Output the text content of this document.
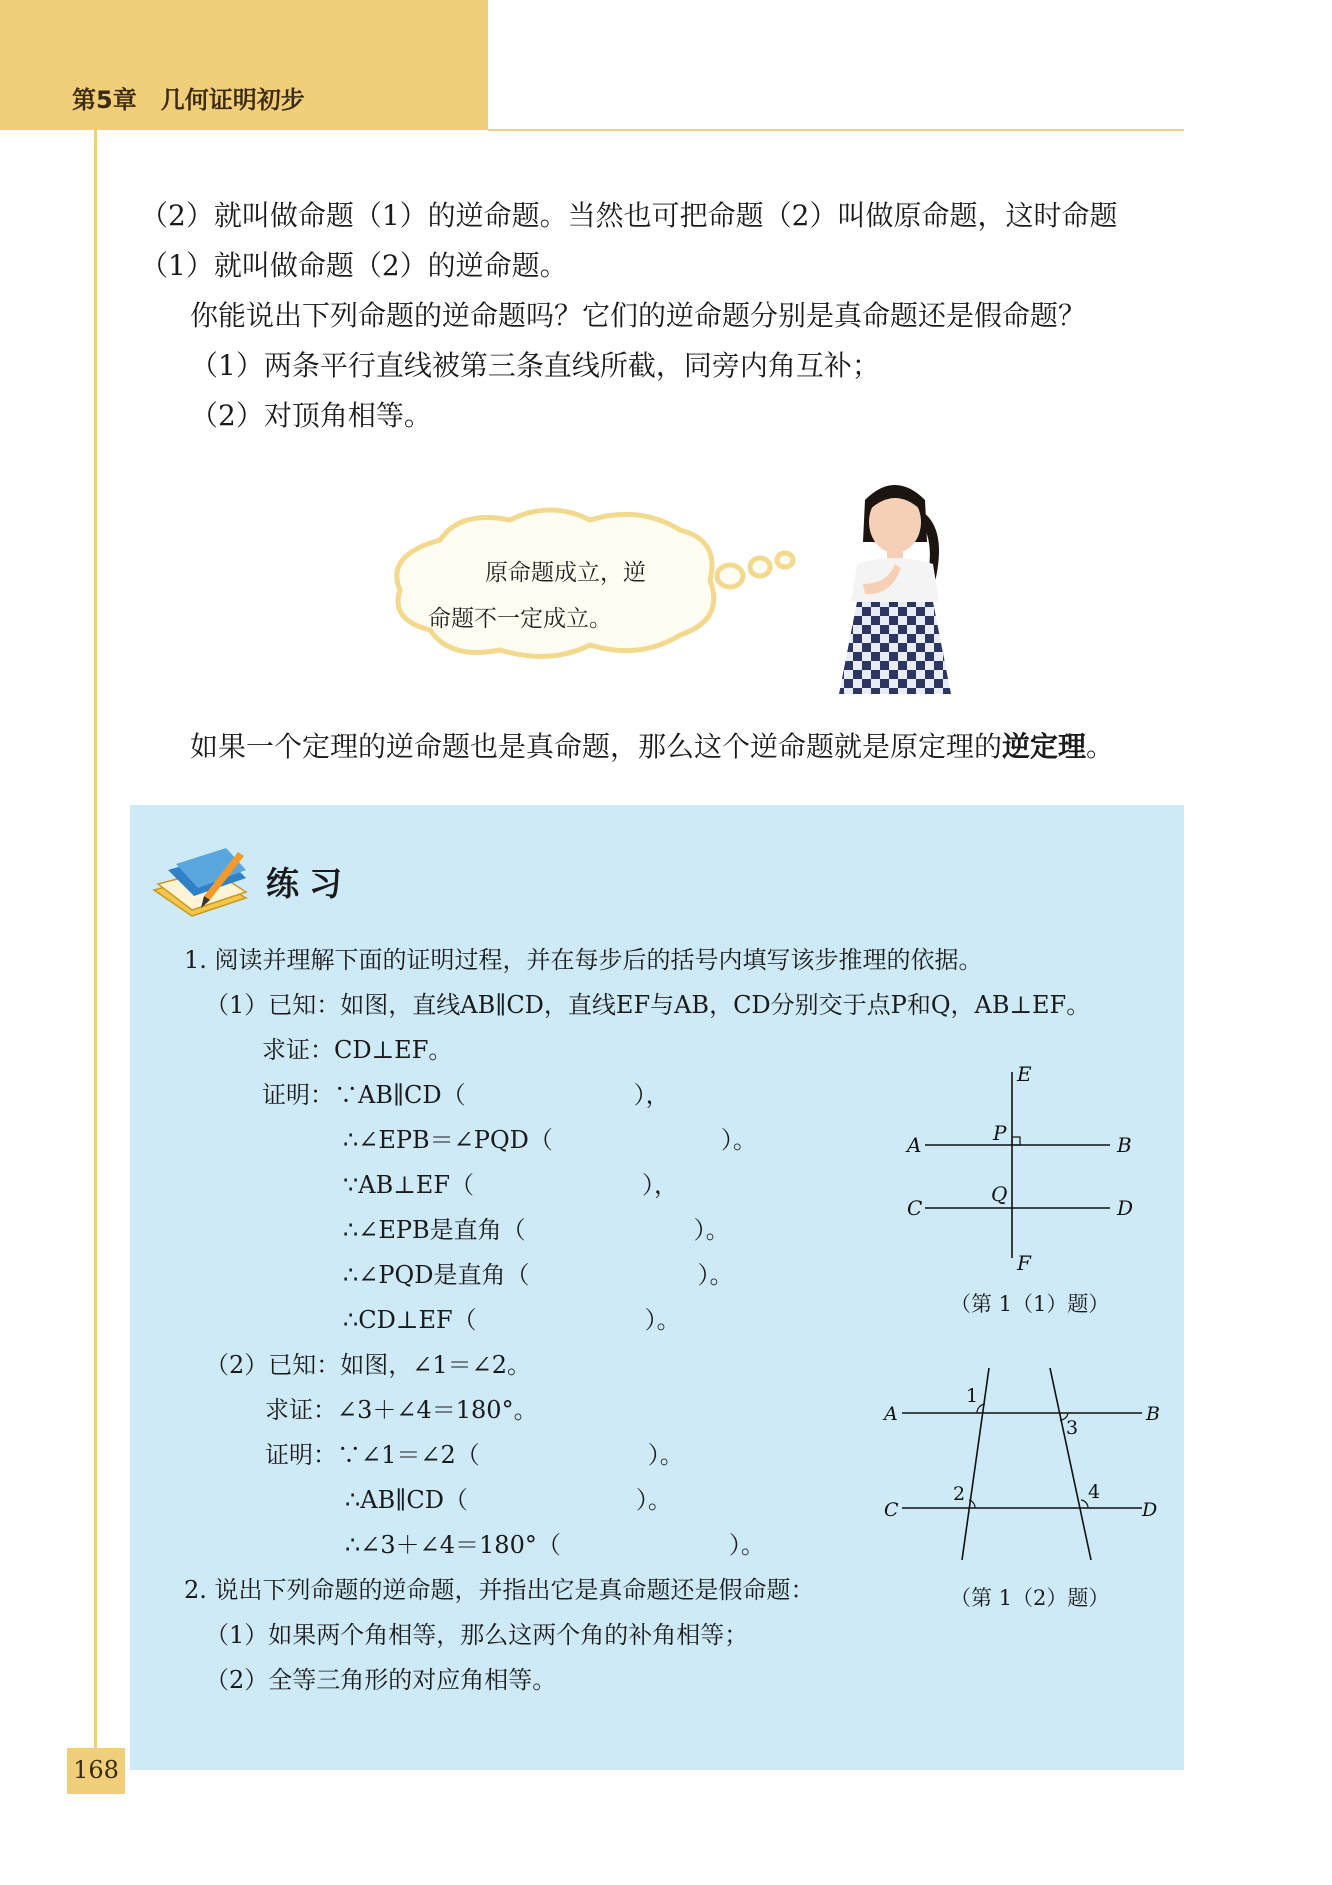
第5章　几何证明初步
（2）就叫做命题（1）的逆命题。当然也可把命题（2）叫做原命题，这时命题
（1）就叫做命题（2）的逆命题。
你能说出下列命题的逆命题吗？它们的逆命题分别是真命题还是假命题？
（1）两条平行直线被第三条直线所截，同旁内角互补；
（2）对顶角相等。
原命题成立，逆
命题不一定成立。
如果一个定理的逆命题也是真命题，那么这个逆命题就是原定理的逆定理。
练习
1. 阅读并理解下面的证明过程，并在每步后的括号内填写该步推理的依据。
（1）已知：如图，直线AB∥CD，直线EF与AB，CD分别交于点P和Q，AB⊥EF。
求证：CD⊥EF。
证明：∵AB∥CD（　　　　　　　），
∴∠EPB＝∠PQD（　　　　　　　）。
∵AB⊥EF（　　　　　　　），
∴∠EPB是直角（　　　　　　　）。
∴∠PQD是直角（　　　　　　　）。
∴CD⊥EF（　　　　　　　）。
（2）已知：如图，∠1＝∠2。
求证：∠3＋∠4＝180°。
证明：∵∠1＝∠2（　　　　　　　）。
∴AB∥CD（　　　　　　　）。
∴∠3＋∠4＝180°（　　　　　　　）。
2. 说出下列命题的逆命题，并指出它是真命题还是假命题：
（1）如果两个角相等，那么这两个角的补角相等；
（2）全等三角形的对应角相等。
E
A	P	B
C
Q
D
F
（第 1（1）题）
1
A
3
B
2	4
C	D
（第 1（2）题）
168
